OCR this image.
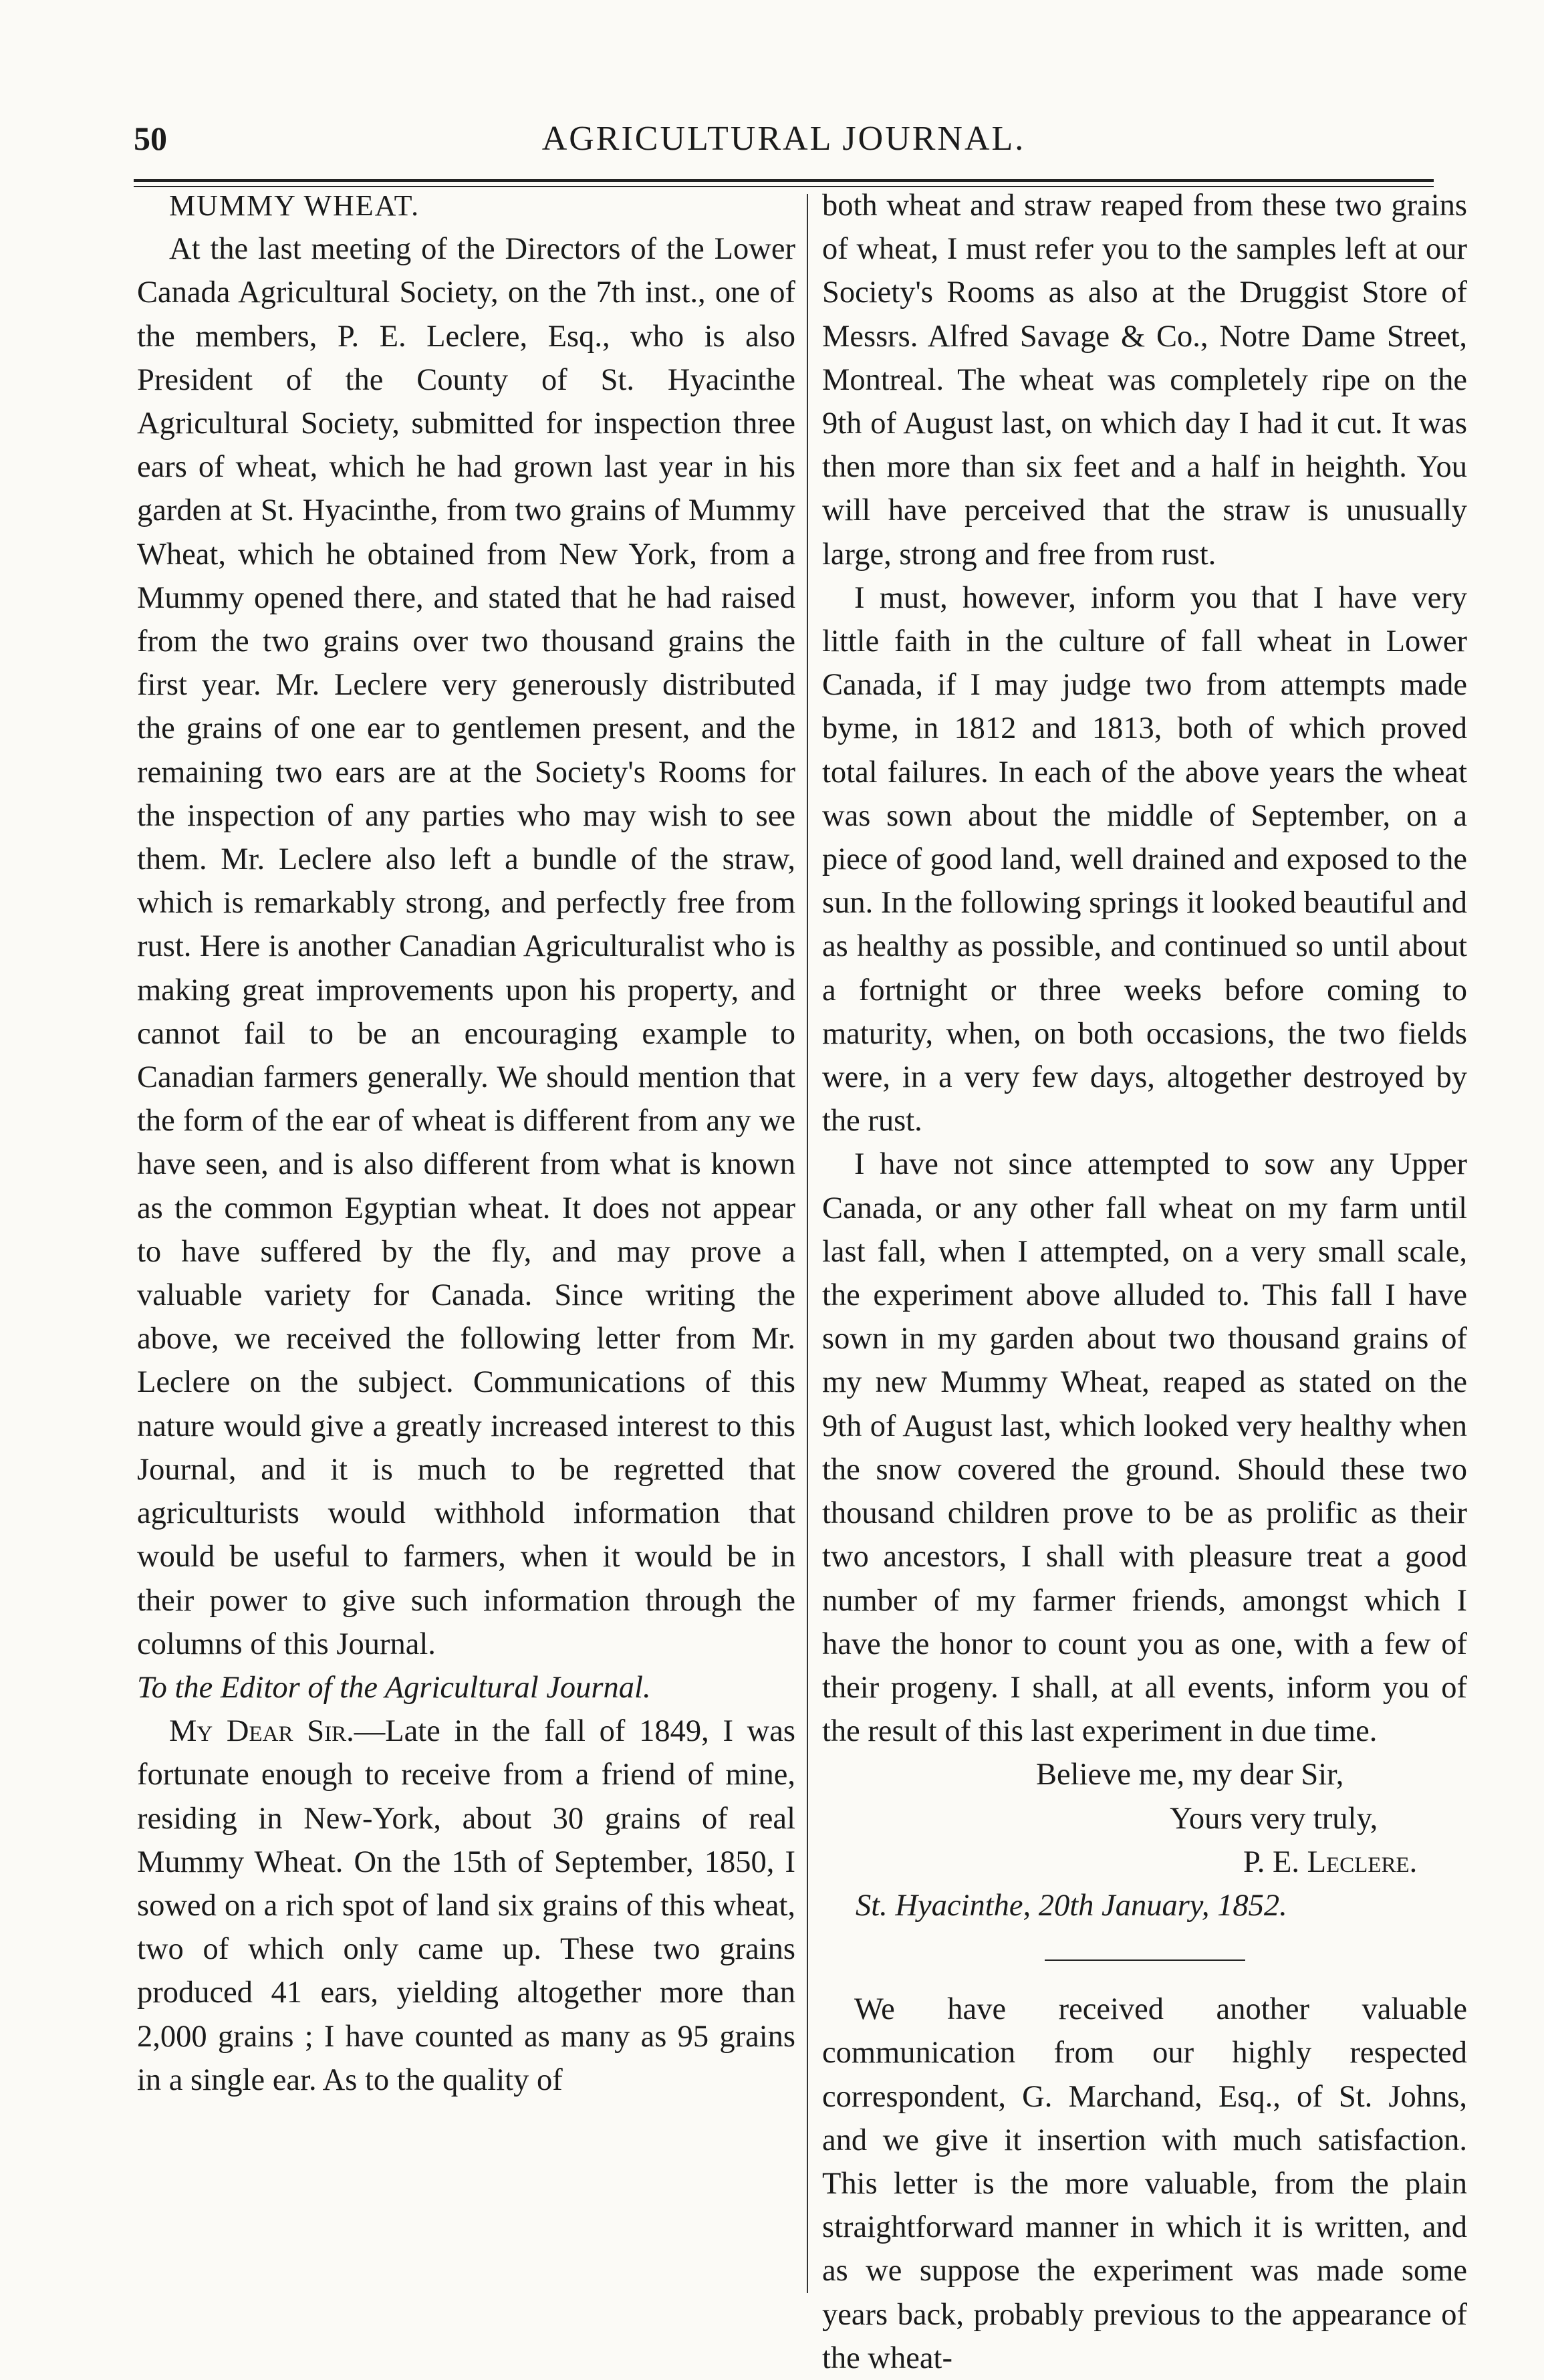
50	AGRICULTURAL JOURNAL.

MUMMY WHEAT.

At the last meeting of the Directors of the Lower Canada Agricultural Society, on the 7th inst., one of the members, P. E. Leclere, Esq., who is also President of the County of St. Hyacinthe Agricultural Society, submitted for inspection three ears of wheat, which he had grown last year in his garden at St. Hyacinthe, from two grains of Mummy Wheat, which he obtained from New York, from a Mummy opened there, and stated that he had raised from the two grains over two thousand grains the first year. Mr. Leclere very generously distributed the grains of one ear to gentlemen present, and the remaining two ears are at the Society's Rooms for the inspection of any parties who may wish to see them. Mr. Leclere also left a bundle of the straw, which is remarkably strong, and perfectly free from rust. Here is another Canadian Agriculturalist who is making great improvements upon his property, and cannot fail to be an encouraging example to Canadian farmers generally. We should mention that the form of the ear of wheat is different from any we have seen, and is also different from what is known as the common Egyptian wheat. It does not appear to have suffered by the fly, and may prove a valuable variety for Canada. Since writing the above, we received the following letter from Mr. Leclere on the subject. Communications of this nature would give a greatly increased interest to this Journal, and it is much to be regretted that agriculturists would withhold information that would be useful to farmers, when it would be in their power to give such information through the columns of this Journal.

To the Editor of the Agricultural Journal.

My Dear Sir.—Late in the fall of 1849, I was fortunate enough to receive from a friend of mine, residing in New-York, about 30 grains of real Mummy Wheat. On the 15th of September, 1850, I sowed on a rich spot of land six grains of this wheat, two of which only came up. These two grains produced 41 ears, yielding altogether more than 2,000 grains ; I have counted as many as 95 grains in a single ear. As to the quality of

both wheat and straw reaped from these two grains of wheat, I must refer you to the samples left at our Society's Rooms as also at the Druggist Store of Messrs. Alfred Savage & Co., Notre Dame Street, Montreal. The wheat was completely ripe on the 9th of August last, on which day I had it cut. It was then more than six feet and a half in heighth. You will have perceived that the straw is unusually large, strong and free from rust.

I must, however, inform you that I have very little faith in the culture of fall wheat in Lower Canada, if I may judge two from attempts made byme, in 1812 and 1813, both of which proved total failures. In each of the above years the wheat was sown about the middle of September, on a piece of good land, well drained and exposed to the sun. In the following springs it looked beautiful and as healthy as possible, and continued so until about a fortnight or three weeks before coming to maturity, when, on both occasions, the two fields were, in a very few days, altogether destroyed by the rust.

I have not since attempted to sow any Upper Canada, or any other fall wheat on my farm until last fall, when I attempted, on a very small scale, the experiment above alluded to. This fall I have sown in my garden about two thousand grains of my new Mummy Wheat, reaped as stated on the 9th of August last, which looked very healthy when the snow covered the ground. Should these two thousand children prove to be as prolific as their two ancestors, I shall with pleasure treat a good number of my farmer friends, amongst which I have the honor to count you as one, with a few of their progeny. I shall, at all events, inform you of the result of this last experiment in due time.

Believe me, my dear Sir,
Yours very truly,
P. E. Leclere.
St. Hyacinthe, 20th January, 1852.

We have received another valuable communication from our highly respected correspondent, G. Marchand, Esq., of St. Johns, and we give it insertion with much satisfaction. This letter is the more valuable, from the plain straightforward manner in which it is written, and as we suppose the experiment was made some years back, probably previous to the appearance of the wheat-
